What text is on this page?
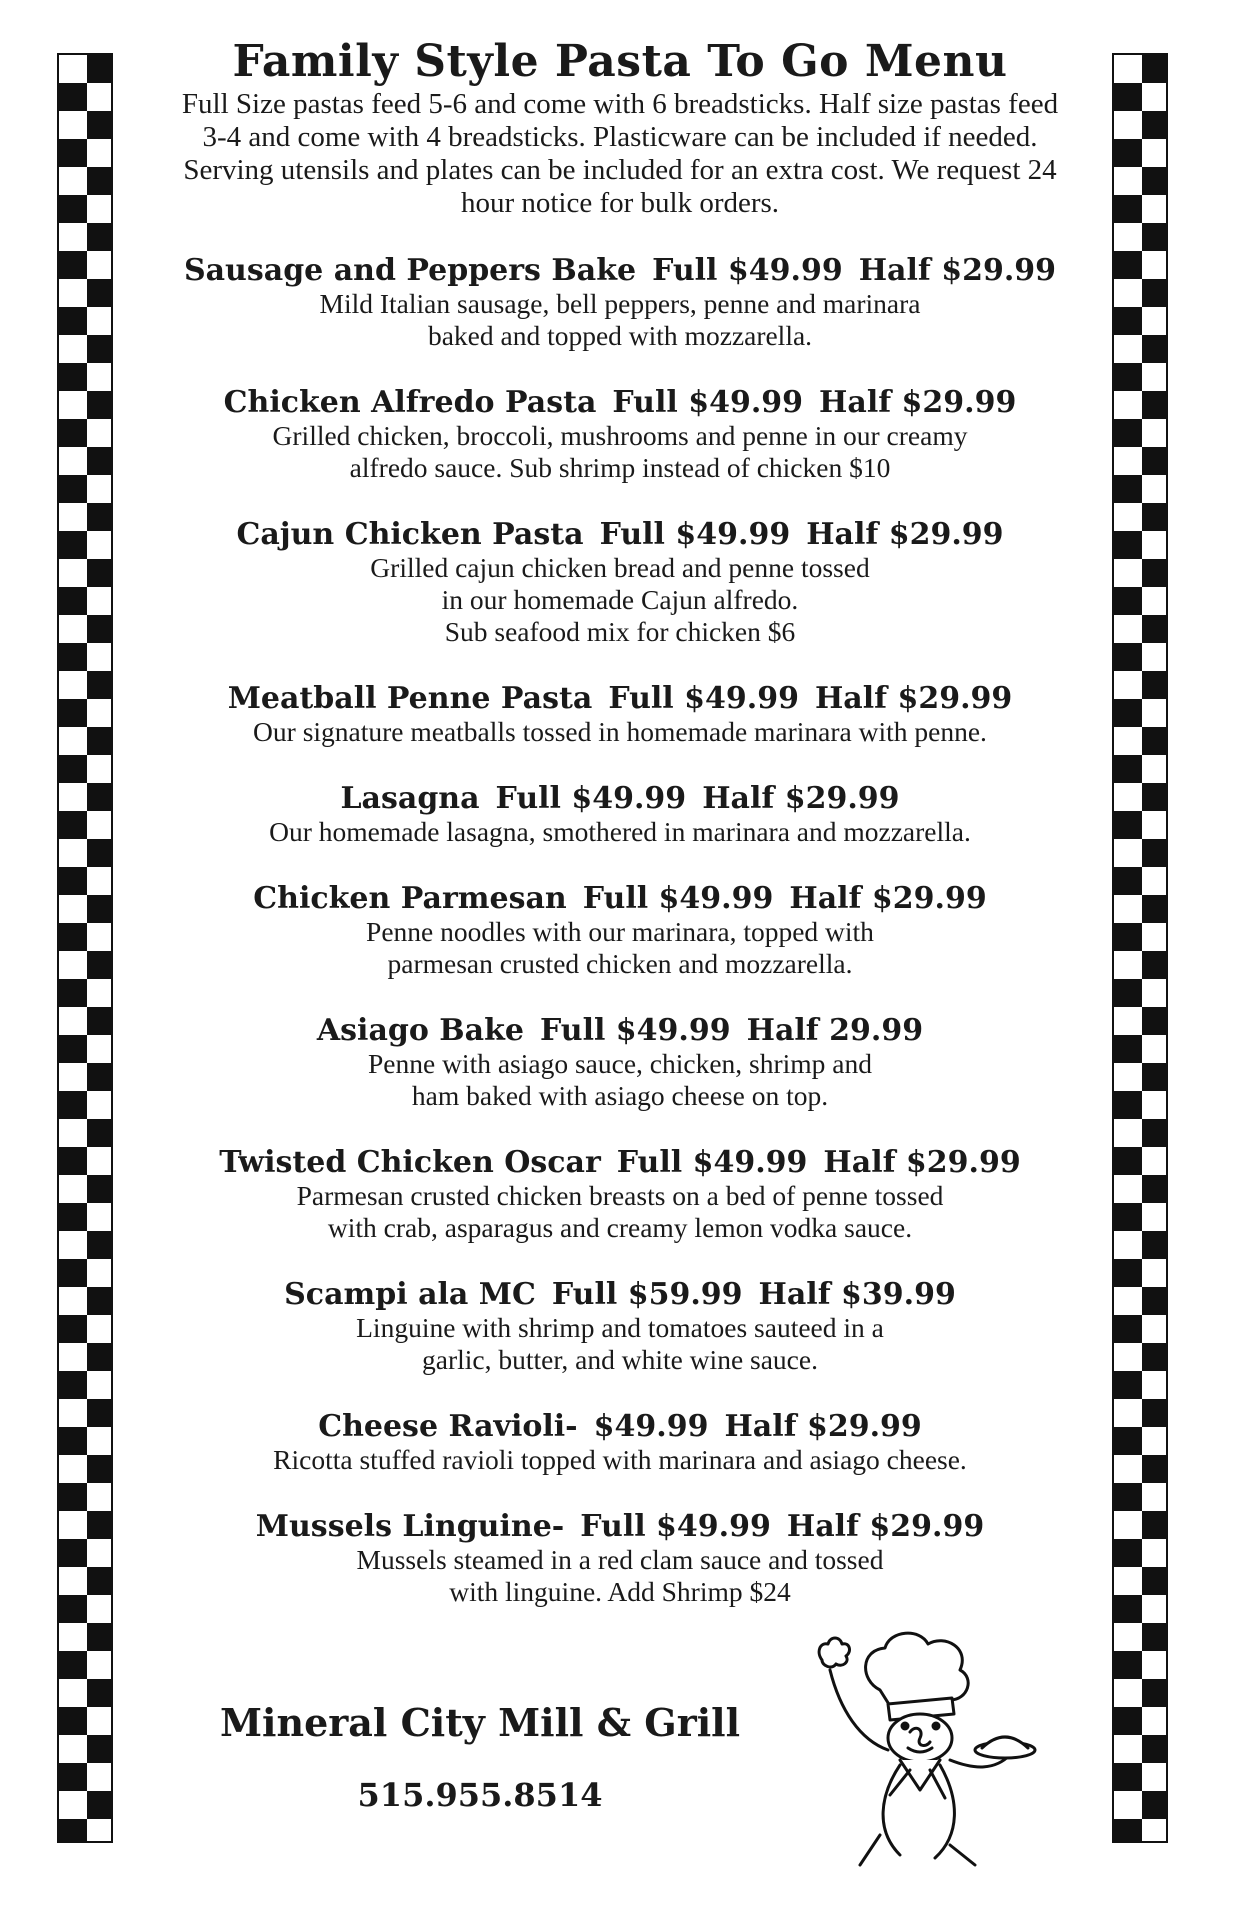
Family Style Pasta To Go Menu
Full Size pastas feed 5-6 and come with 6 breadsticks. Half size pastas feed
3-4 and come with 4 breadsticks. Plasticware can be included if needed.
Serving utensils and plates can be included for an extra cost. We request 24
hour notice for bulk orders.
Sausage and Peppers Bake Full $49.99 Half $29.99
Mild Italian sausage, bell peppers, penne and marinara
baked and topped with mozzarella.
Chicken Alfredo Pasta Full $49.99 Half $29.99
Grilled chicken, broccoli, mushrooms and penne in our creamy
alfredo sauce. Sub shrimp instead of chicken $10
Cajun Chicken Pasta Full $49.99 Half $29.99
Grilled cajun chicken bread and penne tossed
in our homemade Cajun alfredo.
Sub seafood mix for chicken $6
Meatball Penne Pasta Full $49.99 Half $29.99
Our signature meatballs tossed in homemade marinara with penne.
Lasagna Full $49.99 Half $29.99
Our homemade lasagna, smothered in marinara and mozzarella.
Chicken Parmesan Full $49.99 Half $29.99
Penne noodles with our marinara, topped with
parmesan crusted chicken and mozzarella.
Asiago Bake Full $49.99 Half 29.99
Penne with asiago sauce, chicken, shrimp and
ham baked with asiago cheese on top.
Twisted Chicken Oscar Full $49.99 Half $29.99
Parmesan crusted chicken breasts on a bed of penne tossed
with crab, asparagus and creamy lemon vodka sauce.
Scampi ala MC Full $59.99 Half $39.99
Linguine with shrimp and tomatoes sauteed in a
garlic, butter, and white wine sauce.
Cheese Ravioli- $49.99 Half $29.99
Ricotta stuffed ravioli topped with marinara and asiago cheese.
Mussels Linguine- Full $49.99 Half $29.99
Mussels steamed in a red clam sauce and tossed
with linguine. Add Shrimp $24
Mineral City Mill & Grill
515.955.8514
